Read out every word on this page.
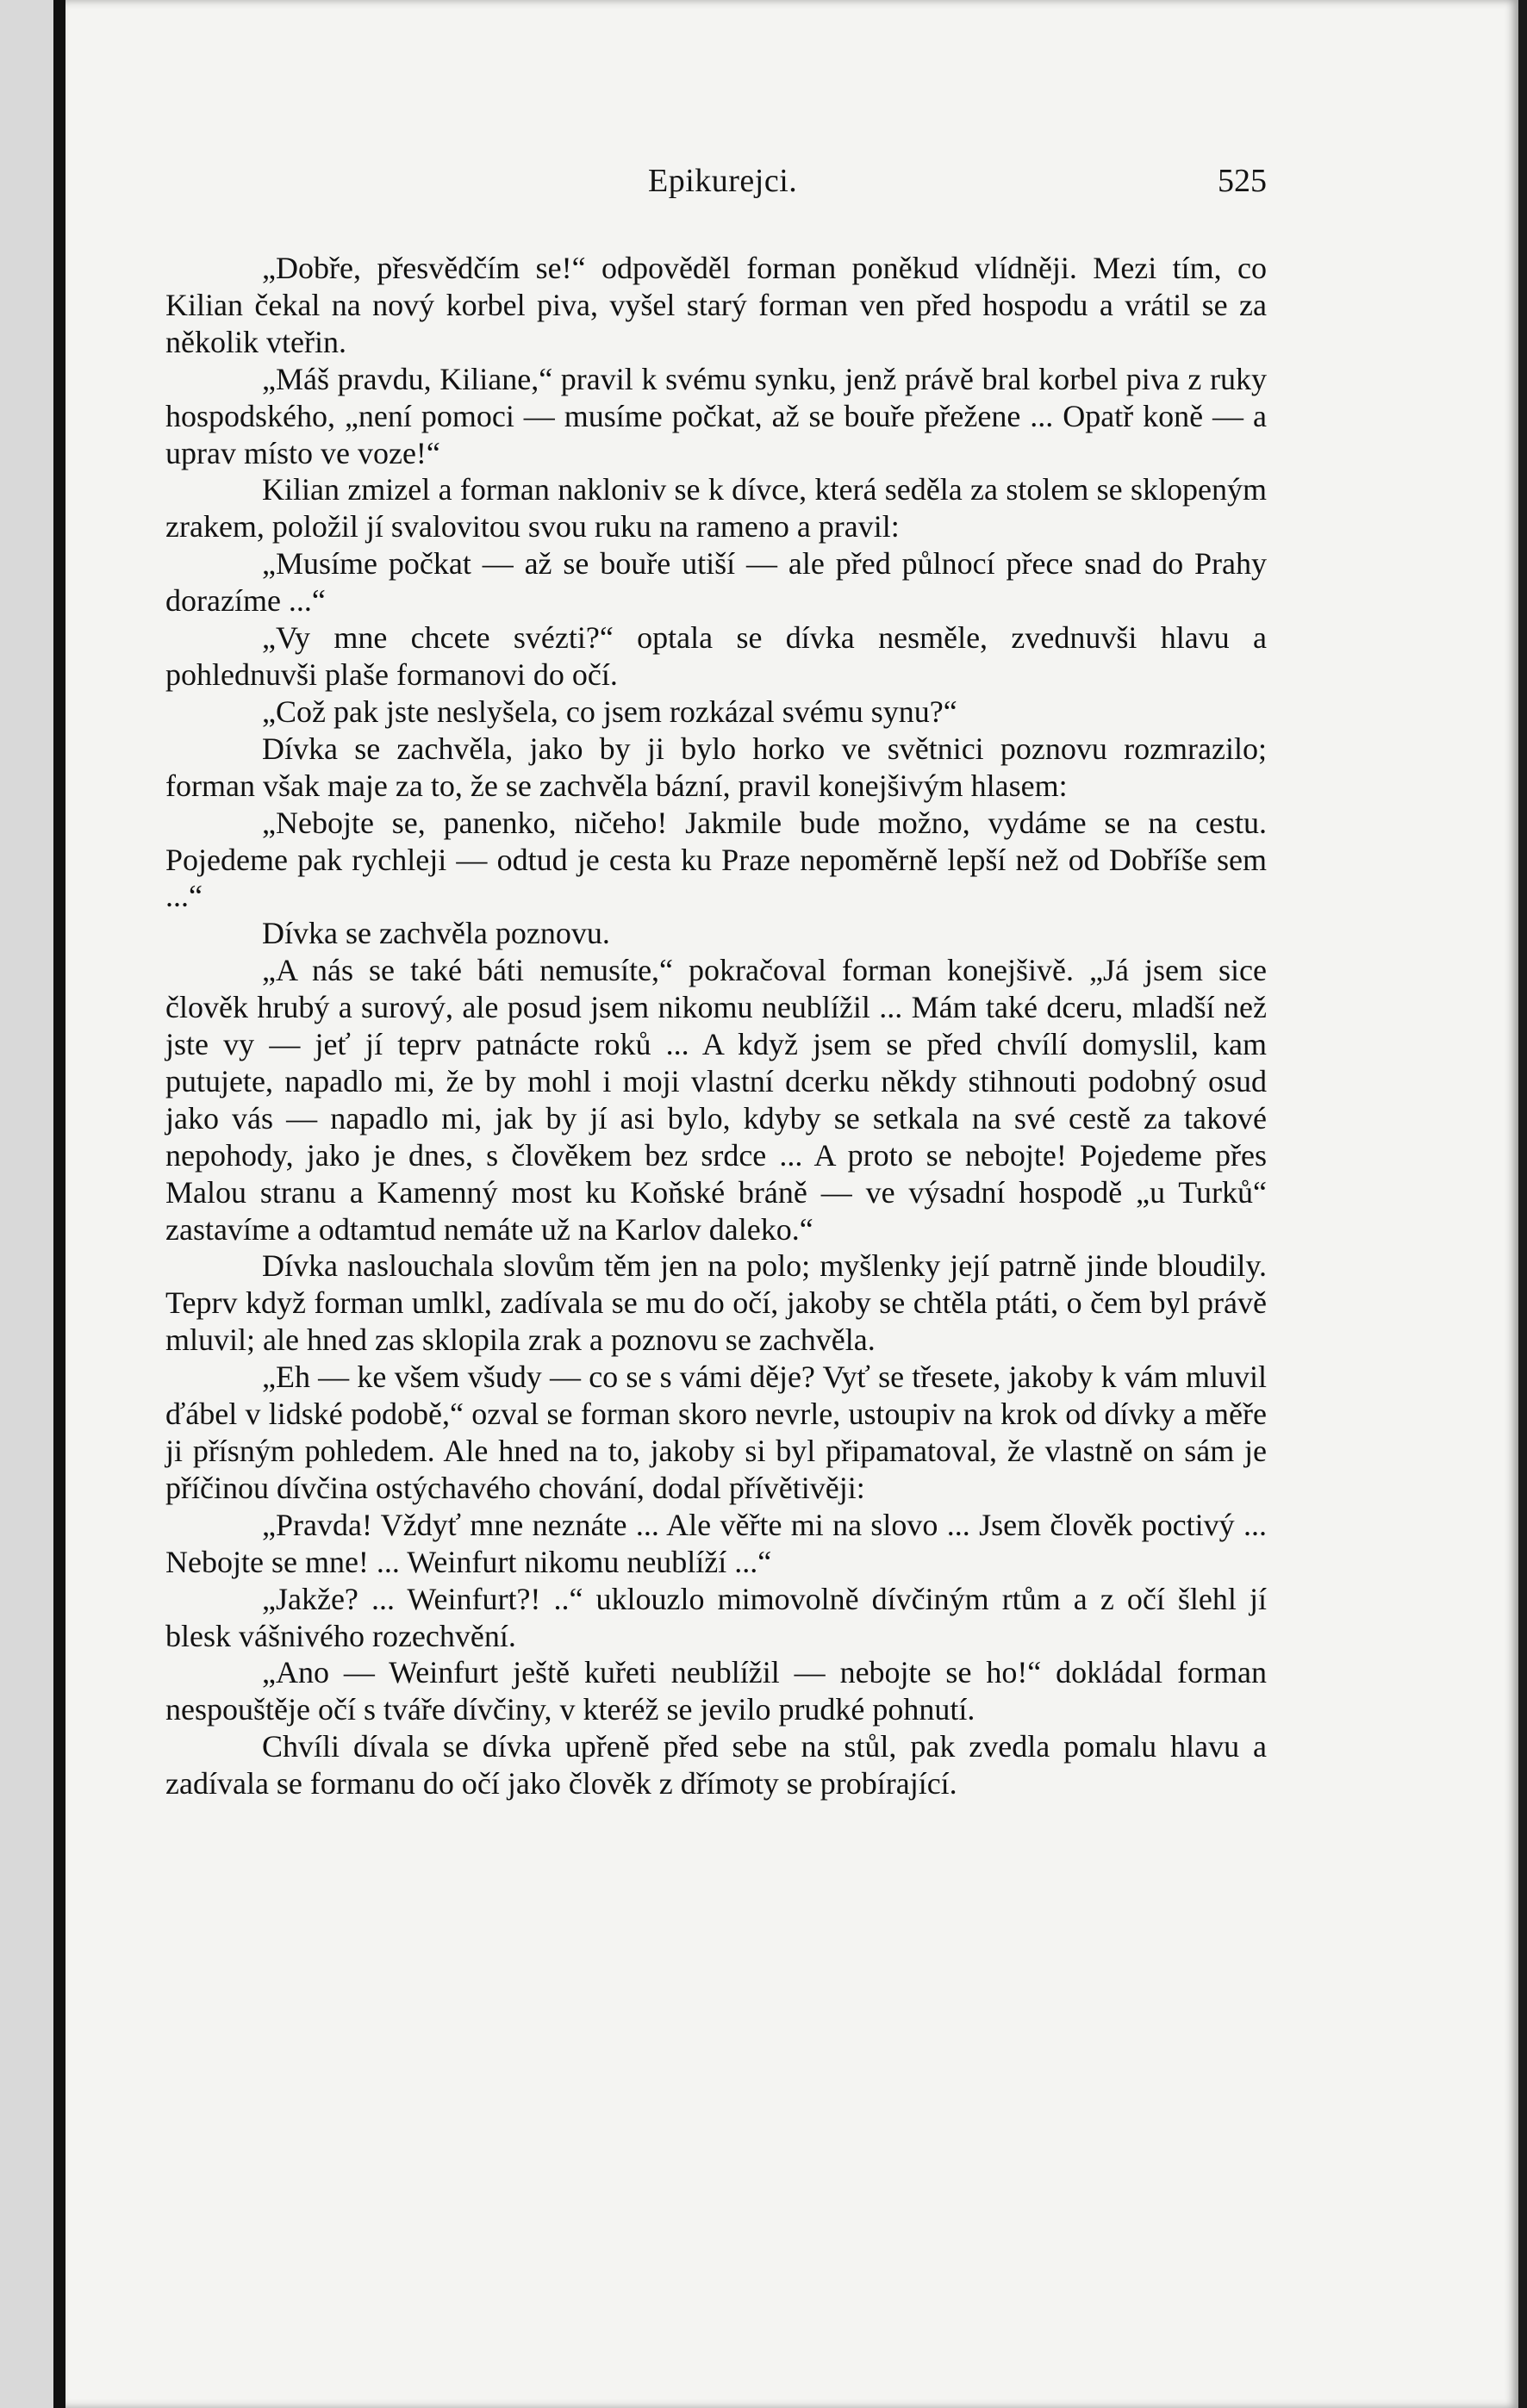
Epikurejci.	525

„Dobře, přesvědčím se!“ odpověděl forman poněkud vlídněji. Mezi tím, co Kilian čekal na nový korbel piva, vyšel starý forman ven před hospodu a vrátil se za několik vteřin.

„Máš pravdu, Kiliane,“ pravil k svému synku, jenž právě bral korbel piva z ruky hospodského, „není pomoci — musíme počkat, až se bouře přežene ... Opatř koně — a uprav místo ve voze!“

Kilian zmizel a forman nakloniv se k dívce, která seděla za stolem se sklopeným zrakem, položil jí svalovitou svou ruku na rameno a pravil:

„Musíme počkat — až se bouře utiší — ale před půlnocí přece snad do Prahy dorazíme ...“

„Vy mne chcete svézti?“ optala se dívka nesměle, zvednuvši hlavu a pohlednuvši plaše formanovi do očí.

„Což pak jste neslyšela, co jsem rozkázal svému synu?“

Dívka se zachvěla, jako by ji bylo horko ve světnici poznovu rozmrazilo; forman však maje za to, že se zachvěla bázní, pravil konejšivým hlasem:

„Nebojte se, panenko, ničeho! Jakmile bude možno, vydáme se na cestu. Pojedeme pak rychleji — odtud je cesta ku Praze nepoměrně lepší než od Dobříše sem ...“

Dívka se zachvěla poznovu.

„A nás se také báti nemusíte,“ pokračoval forman konejšivě. „Já jsem sice člověk hrubý a surový, ale posud jsem nikomu neublížil ... Mám také dceru, mladší než jste vy — jeť jí teprv patnácte roků ... A když jsem se před chvílí domyslil, kam putujete, napadlo mi, že by mohl i moji vlastní dcerku někdy stihnouti podobný osud jako vás — napadlo mi, jak by jí asi bylo, kdyby se setkala na své cestě za takové nepohody, jako je dnes, s člověkem bez srdce ... A proto se nebojte! Pojedeme přes Malou stranu a Kamenný most ku Koňské bráně — ve výsadní hospodě „u Turků“ zastavíme a odtamtud nemáte už na Karlov daleko.“

Dívka naslouchala slovům těm jen na polo; myšlenky její patrně jinde bloudily. Teprv když forman umlkl, zadívala se mu do očí, jakoby se chtěla ptáti, o čem byl právě mluvil; ale hned zas sklopila zrak a poznovu se zachvěla.

„Eh — ke všem všudy — co se s vámi děje? Vyť se třesete, jakoby k vám mluvil ďábel v lidské podobě,“ ozval se forman skoro nevrle, ustoupiv na krok od dívky a měře ji přísným pohledem. Ale hned na to, jakoby si byl připamatoval, že vlastně on sám je příčinou dívčina ostýchavého chování, dodal přívětivěji:

„Pravda! Vždyť mne neznáte ... Ale věřte mi na slovo ... Jsem člověk poctivý ... Nebojte se mne! ... Weinfurt nikomu neublíží ...“

„Jakže? ... Weinfurt?! ..“ uklouzlo mimovolně dívčiným rtům a z očí šlehl jí blesk vášnivého rozechvění.

„Ano — Weinfurt ještě kuřeti neublížil — nebojte se ho!“ dokládal forman nespouštěje očí s tváře dívčiny, v kteréž se jevilo prudké pohnutí.

Chvíli dívala se dívka upřeně před sebe na stůl, pak zvedla pomalu hlavu a zadívala se formanu do očí jako člověk z dřímoty se probírající.
